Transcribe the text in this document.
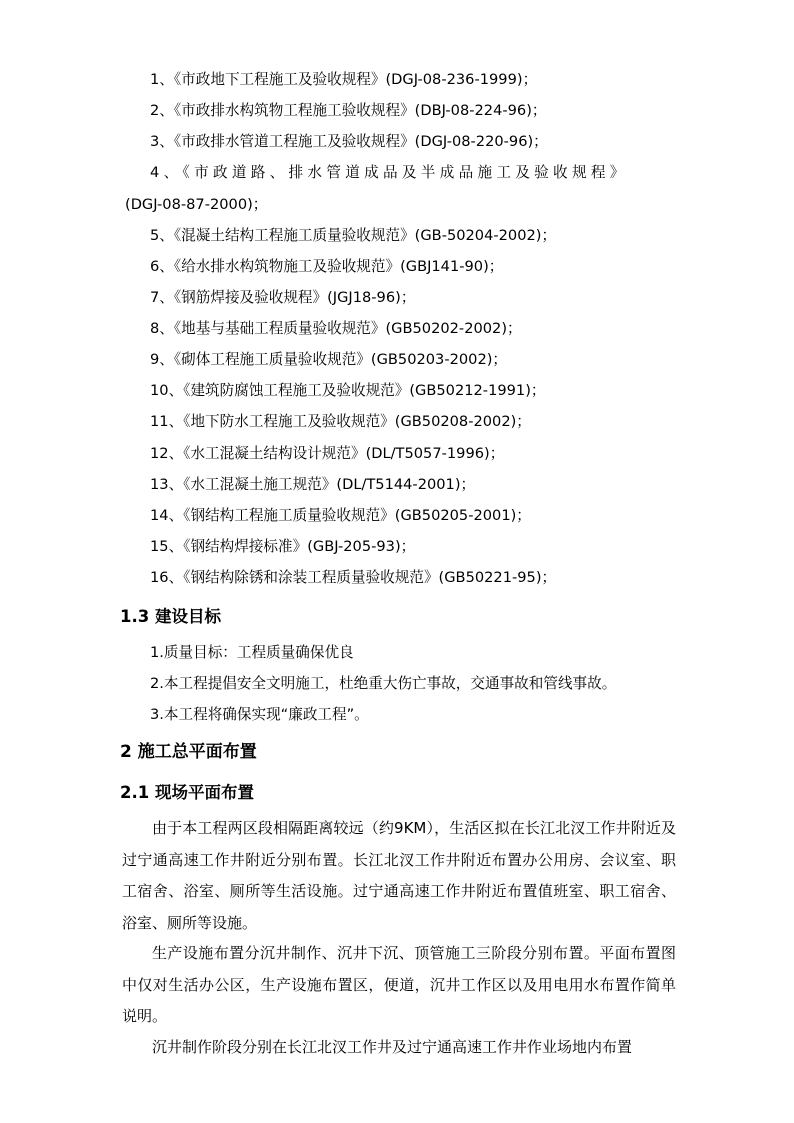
1、《市政地下工程施工及验收规程》(DGJ-08-236-1999)；
2、《市政排水构筑物工程施工验收规程》(DBJ-08-224-96)；
3、《市政排水管道工程施工及验收规程》(DGJ-08-220-96)；
4、《市政道路、排水管道成品及半成品施工及验收规程》
(DGJ-08-87-2000)；
5、《混凝土结构工程施工质量验收规范》(GB-50204-2002)；
6、《给水排水构筑物施工及验收规范》(GBJ141-90)；
7、《钢筋焊接及验收规程》(JGJ18-96)；
8、《地基与基础工程质量验收规范》(GB50202-2002)；
9、《砌体工程施工质量验收规范》(GB50203-2002)；
10、《建筑防腐蚀工程施工及验收规范》(GB50212-1991)；
11、《地下防水工程施工及验收规范》(GB50208-2002)；
12、《水工混凝土结构设计规范》(DL/T5057-1996)；
13、《水工混凝土施工规范》(DL/T5144-2001)；
14、《钢结构工程施工质量验收规范》(GB50205-2001)；
15、《钢结构焊接标准》(GBJ-205-93)；
16、《钢结构除锈和涂装工程质量验收规范》(GB50221-95)；
1.3 建设目标
1.质量目标：工程质量确保优良
2.本工程提倡安全文明施工，杜绝重大伤亡事故，交通事故和管线事故。
3.本工程将确保实现“廉政工程”。
2 施工总平面布置
2.1 现场平面布置

由于本工程两区段相隔距离较远（约9KM），生活区拟在长江北汊工作井附近及过宁通高速工作井附近分别布置。长江北汊工作井附近布置办公用房、会议室、职工宿舍、浴室、厕所等生活设施。过宁通高速工作井附近布置值班室、职工宿舍、浴室、厕所等设施。

生产设施布置分沉井制作、沉井下沉、顶管施工三阶段分别布置。平面布置图中仅对生活办公区，生产设施布置区，便道，沉井工作区以及用电用水布置作简单说明。

沉井制作阶段分别在长江北汊工作井及过宁通高速工作井作业场地内布置
